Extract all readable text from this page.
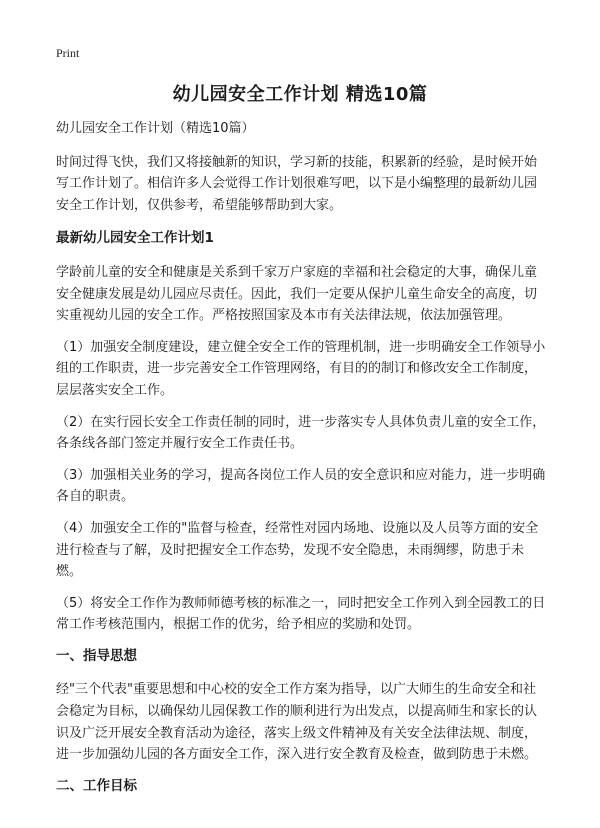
Print
幼儿园安全工作计划 精选10篇

幼儿园安全工作计划（精选10篇）

时间过得飞快，我们又将接触新的知识，学习新的技能，积累新的经验，是时候开始写工作计划了。相信许多人会觉得工作计划很难写吧，以下是小编整理的最新幼儿园安全工作计划，仅供参考，希望能够帮助到大家。

最新幼儿园安全工作计划1

学龄前儿童的安全和健康是关系到千家万户家庭的幸福和社会稳定的大事，确保儿童安全健康发展是幼儿园应尽责任。因此，我们一定要从保护儿童生命安全的高度，切实重视幼儿园的安全工作。严格按照国家及本市有关法律法规，依法加强管理。

（1）加强安全制度建设，建立健全安全工作的管理机制，进一步明确安全工作领导小组的工作职责，进一步完善安全工作管理网络，有目的的制订和修改安全工作制度，层层落实安全工作。

（2）在实行园长安全工作责任制的同时，进一步落实专人具体负责儿童的安全工作，各条线各部门签定并履行安全工作责任书。

（3）加强相关业务的学习，提高各岗位工作人员的安全意识和应对能力，进一步明确各自的职责。

（4）加强安全工作的"监督与检查，经常性对园内场地、设施以及人员等方面的安全进行检查与了解，及时把握安全工作态势，发现不安全隐患，未雨绸缪，防患于未燃。

（5）将安全工作作为教师师德考核的标准之一，同时把安全工作列入到全园教工的日常工作考核范围内，根据工作的优劣，给予相应的奖励和处罚。

一、指导思想

经"三个代表"重要思想和中心校的安全工作方案为指导，以广大师生的生命安全和社会稳定为目标，以确保幼儿园保教工作的顺利进行为出发点，以提高师生和家长的认识及广泛开展安全教育活动为途径，落实上级文件精神及有关安全法律法规、制度，进一步加强幼儿园的各方面安全工作，深入进行安全教育及检查，做到防患于未燃。

二、工作目标
